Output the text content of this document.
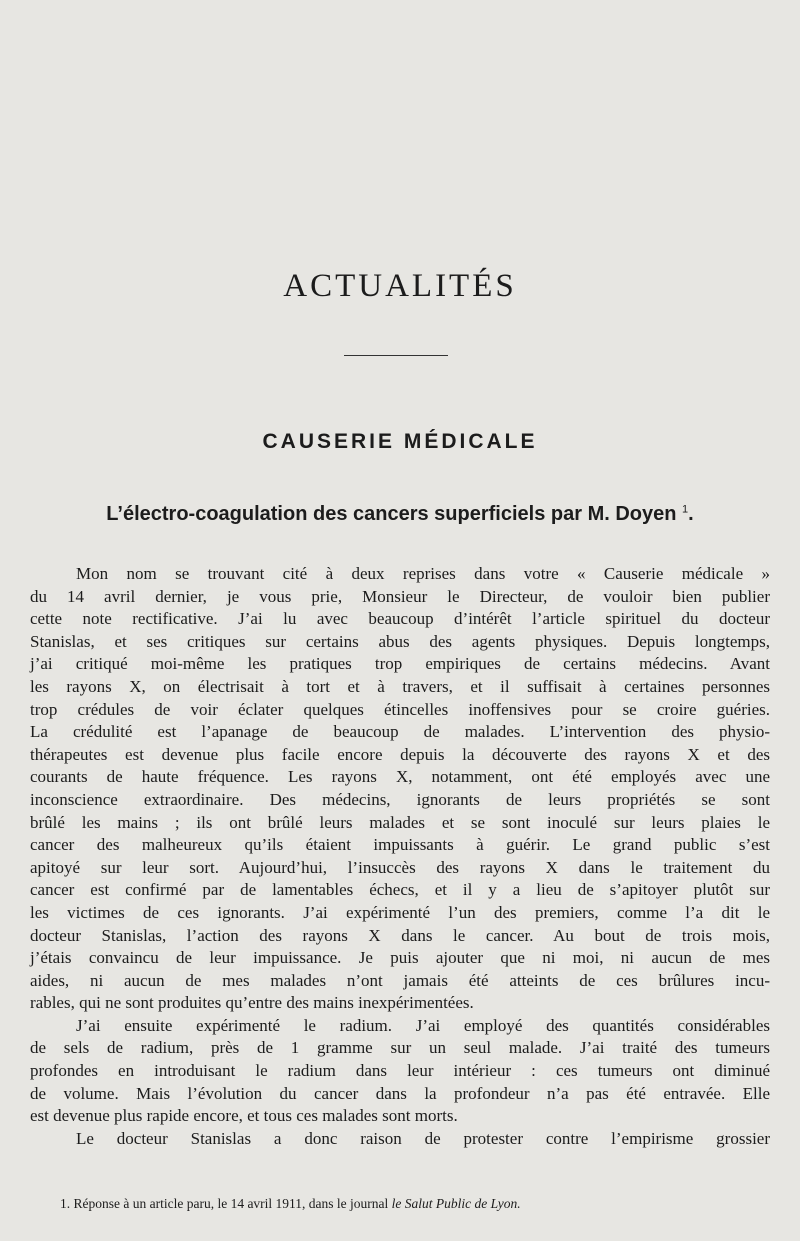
ACTUALITÉS
CAUSERIE MÉDICALE
L’électro-coagulation des cancers superficiels par M. Doyen $^1$.
Mon nom se trouvant cité à deux reprises dans votre « Causerie médicale »
du 14 avril dernier, je vous prie, Monsieur le Directeur, de vouloir bien publier
cette note rectificative. J’ai lu avec beaucoup d’intérêt l’article spirituel du docteur
Stanislas, et ses critiques sur certains abus des agents physiques. Depuis longtemps,
j’ai critiqué moi-même les pratiques trop empiriques de certains médecins. Avant
les rayons X, on électrisait à tort et à travers, et il suffisait à certaines personnes
trop crédules de voir éclater quelques étincelles inoffensives pour se croire guéries.
La crédulité est l’apanage de beaucoup de malades. L’intervention des physio-
thérapeutes est devenue plus facile encore depuis la découverte des rayons X et des
courants de haute fréquence. Les rayons X, notamment, ont été employés avec une
inconscience extraordinaire. Des médecins, ignorants de leurs propriétés se sont
brûlé les mains ; ils ont brûlé leurs malades et se sont inoculé sur leurs plaies le
cancer des malheureux qu’ils étaient impuissants à guérir. Le grand public s’est
apitoyé sur leur sort. Aujourd’hui, l’insuccès des rayons X dans le traitement du
cancer est confirmé par de lamentables échecs, et il y a lieu de s’apitoyer plutôt sur
les victimes de ces ignorants. J’ai expérimenté l’un des premiers, comme l’a dit le
docteur Stanislas, l’action des rayons X dans le cancer. Au bout de trois mois,
j’étais convaincu de leur impuissance. Je puis ajouter que ni moi, ni aucun de mes
aides, ni aucun de mes malades n’ont jamais été atteints de ces brûlures incu-
rables, qui ne sont produites qu’entre des mains inexpérimentées.
J’ai ensuite expérimenté le radium. J’ai employé des quantités considérables
de sels de radium, près de 1 gramme sur un seul malade. J’ai traité des tumeurs
profondes en introduisant le radium dans leur intérieur : ces tumeurs ont diminué
de volume. Mais l’évolution du cancer dans la profondeur n’a pas été entravée. Elle
est devenue plus rapide encore, et tous ces malades sont morts.
Le docteur Stanislas a donc raison de protester contre l’empirisme grossier
1. Réponse à un article paru, le 14 avril 1911, dans le journal le Salut Public de Lyon.
